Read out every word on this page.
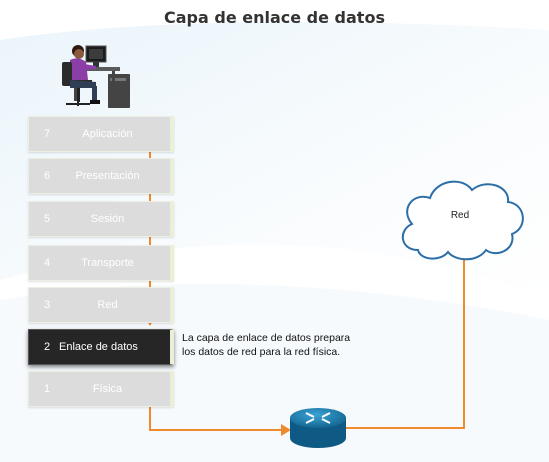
Capa de enlace de datos
7	Aplicación
6	Presentación
5	Sesión
4	Transporte
3	Red
2 Enlace de datos
1	Física
La capa de enlace de datos prepara
los datos de red para la red física.
Red
